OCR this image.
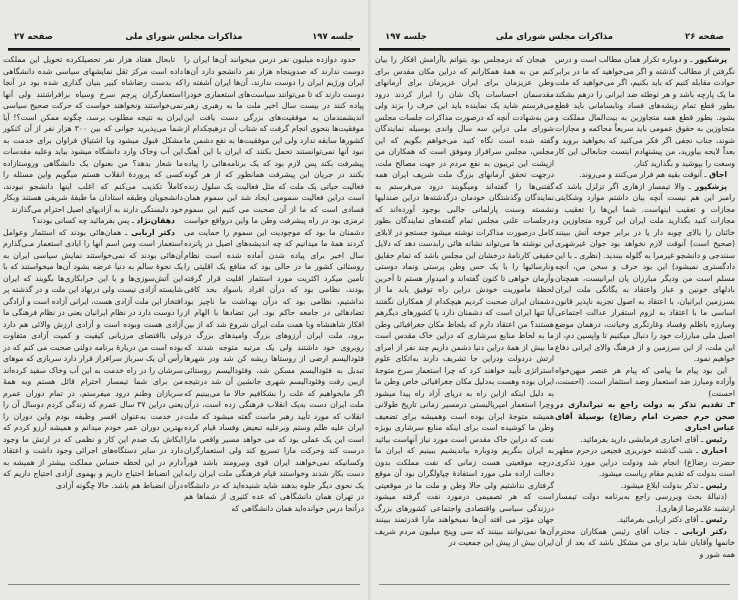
جلسه ۱۹۷
مذاکرات مجلس شورای ملی
صفحه ۲۷

حدود دوازده میلیون نفر درس میخوانند آن‌ها ایران را دوست ندارند که صدوپنجاه هزار نفر دانشجو دارد آن‌ها ایران ورژیم ایران را دوست ندارند، آن‌ها ایران آشفته را دوست دارند که تا می‌توانند سیاست‌های استعماری خودرا پیاده کنند در بیست سال اخیر ملت ما به رهبری رهبر اندیشمندمان به موفقیت‌های بزرگی دست یافت این موفقیت‌ها بنحوی انجام گرفت که شتاب آن درهیچکدام از کشورها سابقه ندارد ولی این موفقیت‌ها به نفع دشمن ما نبود آنها نمی‌توانستند تحمل بکنند که ایران با این آهنگ پیشرفت بکند پس لازم بود که یک برنامه‌هائی را پیاده بکنند در جریان این پیشرفت همانطور که از هر گونه فعالیت حیاتی یک ملت که مثل فعالیت یک سلول زنده است دراین فعالیت سمومی ایجاد شد این سموم همان فسادی است که ما از آن صحبت می کنیم این سموم ترمزی بود در راه پیشرفت وطن ما واین درواقع خواست دشمنان ما بود که موجودیت این سموم را حمایت می کردند همهٔ ما میدانیم که چه اندیشه‌های اصیل در پانزده سال اخیر برای پیاده شدن آماده شده است نظام روستائی کشور ما در حالی بود که منافع یک اقلیتی را تأمین میکرد اکثریت مورد استثمار اقلیت قرار گرفته بودند، نظامی بود که درآن افراد باسواد بحد کافی نداشتیم، نظامی بود که درآن بهداشت ما ناچیز بود تضادهائی در جامعه حاکم بود. این تضادها با الهام از افکار شاهنشاه وبا همت ملت ایران شروع شد که از بین برود، ملت ایران آرزوهای بزرگ وامیدهای بزرگ در روبروی خود داشتند ولی یک مرتبه متوجه شدند که فئودالیسم ارضی از روستاها ریشه کن شد ودر شهرها تبدیل به فئودالیسم مسکن شد، وفئودالیسم روستائی ازبین رفت وفئودالیسم شهری جانشین آن شد درنتیجه اگر مابخواهیم که علت را بشکافیم حالا ما می‌بینیم که ملت ایران دست به‌یک انقلاب فرهنگی زده است، درآن انقلاب که مورد تأیید رهبر ماست گفته میشود که ملت ایران علیه ظلم وستم وبرعلیه تبعیض وفساد قیام کرده است این یک عملی بود که می خواهد مسیر واقعی مارا درست کند وحرکت مارا تسریع کند ولی استعمارگران وکسانیکه نمی‌خواهند ایران قوی ونیرومند باشد فوراً دست بکار شدند وخواستند قیام فرهنگی ملت ایران رابه یک نحوی دیگر جلوه بدهند شاید شنیده‌اید که در دانشگاه در تهران همان دانشگاهی که عده کثیری از شماها هم درآنجا درس خوانده‌اید همان دانشگاهی که

تابحال هفتاد هزار نفر تحصیلکرده تحویل این مملکت داده است مرکز ثقل نمایشهای سیاسی شده دانشگاهی که بدست رضاشاه کبیر بنیان گذاری شده بود در آنجا استعمارگران پرچم سرخ وسیاه برافراشتند ولی آنها نمی‌خواستند ونخواهند خواست که حرکت صحیح سیاسی ایران به نتیجه مطلوب برسد، چگونه ممکن است؟! آیا شما می‌پذیرید جوانی که بین ۳۰۰ هزار نفر از آن کنکور مشکل قبول میشود وبا اشتیاق فراوان برای خدمت به این آب وخاک وارد دانشگاه میشود بیاید وعلیه مقدسات ما شعار بدهد؟ من بعنوان یک دانشگاهی وروستازاده کسی که پروردهٔ انقلاب هستم میگویم واین مسئله را کاملاً تکذیب می‌کنم که اغلب اینها دانشجو نبودند، دانشجویان وطبقه استادان ما طبقهٔ شریفی هستند وبکار خود دلبستگی دارند به آزادیهای اصیل احترام می‌گذارند

دهقان‌نژاد ـ پس بفرمائید چه کسانی بودند؟

دکتر اربابی ـ همان‌هائی بودند که استثمار وعوامل استعمار است ومن اسم آنها را ایادی استعمار مـی‌گذارم آن‌هائی بودند که نمی‌خواستند نمایش سیاسی ایران به یک نحوهٔ سالم به دنیا عرضه بشود آن‌ها میخواستند که با این آتش‌سوزی‌ها و با این خرابکاری‌ها بگویند که ایران شایسته آزادی نیست ولی درنهاد این ملت و در گذشته پر افتخار این ملت آزادی هست، ایرانی آزاده است و آزادگی را دوست دارد در نظام ایرانیان یعنی در نظام فرهنگی ما آزادی هست وبوده است و آزادی ارزش والائی هم دارد ولی بااقتضای مرزبانی کیفیت و کمیت آزادی متفاوت بوده است من دربارهٔ برنامه دولتی صحبت می کنم که در رأس آن یک سرباز سرافراز قرار دارد سربازی که موهای سرشان را در راه خدمت به این آب وخاک سفید کرده‌اند من برای شما تیمسار احترام قائل هستم وبه همهٔ سربازان وطنم درود میفرستم، در تمام دوران عمرم یعنی دراین ۳۷ سال عمرم که زندگی کردم دوسال آن را در خدمت به‌عنوان افسر وظیفه بودم واین دوران را بهترین دوران عمر خودم میدانم و همیشه آرزو کردم که ایکاش یک صدم این کار و نظمی که در ارتش ما وجود دارد در سایر دستگاه‌های اجرائی وجود داشت و اعتقاد دارم در این لحظه حساس مملکت بیشتر از همیشه به این انضباط احتیاج داریم و بهموی آزادی احتیاج داریم که درآن انضباط هم باشد. حالا چگونه آزادی

صفحه ۲۶
مذاکرات مجلس شورای ملی
جلسه ۱۹۷

پزشکپور ـ و دوباره تکرار همان مطالب است و درس نگرفتن از مطالب گذشته و اگر می‌خواهید که ما در برابر حوادث مقابله کنیم که باید بکنیم، اگر می‌خواهید که ملت ما یک پارچه باشد و هر توطئه ضد ایرانی را درهم بشکند بطور قطع تمام ریشه‌های فساد ونابسامانی باید قطع بشود. بطور قطع همه متجاوزین به بیت‌المال مملکت و متجاوزین به حقوق عمومی باید سریعاً محاکمه و مجازات شوند، جناب نجفی اگر فکر می‌کنید که بخواهید بروید و بعداً لایحه بیاورید، من پیشنهادم اینست جنابعالی این کار وسعت را بپوشید و بگذارید کنار.

اجاق ـ آنوقت بقیه هم فرار می‌کنند و می‌روند.

پزشکپور ـ والا تیمسار ازهاری اگر تزلزل باشد که رامبز این هم نیست آنچه بیان داشتم موارد وشکایتی مجازات و تعقیب اینهاست. شما این‌ها را تعقیب و مجازات کنید بگذارید ملت ایران این گروه متجاوزین و خائنان را بالای چوبه دار یا در برابر جوخه آتش ببینند (صحیح است) آنوقت لازم نخواهد بود جوان غیرشهری سنندجی و دانشجو غیرمرا به گلوله ببندید. (نظری ـ با این دادگستری نمیشود) این بود حرف و سخن من، آنچه مسلم است من ودیگر مبارزان پان ایرانیست، همچنان بادلهای خونین و عبار واعتقاد به یگانگی ملت ایران بسرزمین ایرانیان، با اعتقاد به اصول تجزیه ناپذیر قانون اساسی ما با اعتقاد به لزوم استقرار عدالت اجتماعی ومبارزه باظلم وفساد وغارتگری وخیانت، درهمان موضع اصیل ملی مبارزات خود را دنبال میکنیم تا واپسین دم، از این ملت، از این سرزمین و از فرهنگ والای ایرانی دفاع خواهیم نمود.

این بود پیام ما پیامی که پیام هر عنصر میهن‌خواه وآزاده ومبارز ضد استعمار وضد استثمار است. (احسنت، احسنت)

۳ـ تقدیم تذکر به دولت راجع به تیراندازی در صحن حرم حضرت امام رضا(ع) بوسیلهٔ آقای عباس اخباری

رئیس ـ آقای اخباری فرمایشی دارید بفرمائید.

اخباری ـ شب گذشته خونریزی فجیعی درحرم مطهر حضرت رضا(ع) انجام شد ودولت دراین مورد تذکری است بدولت که تقدیم مقام ریاست میشود.

رئیس ـ تذکر بدولت ابلاغ میشود.

(دنبالهٔ بحث وبررسی راجع به‌برنامه دولت تیمسار ارتشبد غلامرضا ازهاری).

رئیس ـ آقای دکتر اربابی بفرمائید.

دکتر اربابی ـ جناب آقای رئیس همکاران محترم خانمها وآقایان شاید برای من مشکل باشد که بعد از آن همه شور و

هیجان که درمجلس بود بتوانم باآرامش افکار را بیان کنم من به همهٔ همکارانم که دراین مکان مقدس برای وطن عزیزمان برای ایران عزیزمان برای آرمانهای مقدسمان احساسات پاک شان را ابراز کردند درود می‌فرستم شاید یک نماینده باید این حرف را بزند ولی من به‌شهادت آنچه که درصورت مذاکرات جلسات مجلس شورای ملی دراین سه سال واندی بوسیله نمایندگان گفته شده است نگاه کنید می‌خواهم بگویم که این مجلس، مجلس سرافراز وموفق است که همکاران من ازپشت این تریبون به نفع مردم در جهت مصالح ملت، درجهت تحقق آرمانهای بزرگ ملت شریف ایران همه گفتنی‌ها را گفته‌اند ومیگویند درود می‌فرستم به نمایندگان وگذشتگان خودمان درگذشته‌ها دراین صندلیها نشسته وسنت پارلمانی جالبی بوجود آورده‌اند که درجلسات علنی مجلس تمام گفته‌های نمایندگان بطور کامل درصورت مذاکرات نوشته میشود جستجو در لابلای این نوشته ها می‌تواند نشانه هائی رابدست دهد که دلایل حقیقی کارنامهٔ درخشان این مجلس باشد که تمام حقایق ونارسائیها را با یک حس وطن پرستی ونماد دوستی وآرمان خواهی تا کنون گفته‌اند و امیدوار هستم تا آخرین لحظهٔ مأموریت خودش دراین راه توفیق یابد ما از دشمنان ایران صحبت کردیم هیچکدام از همکاران نگفتند آیا تنها ایران است که دشمنان دارد یا کشورهای دیگرهم هستند؟ من اعتقاد دارم که بلحاظ مکان جغرافیائی وطن ما به لحاظ منابع سرشاری که دراین خاک مقدس است ما بیش از همهٔ دراین دنیا دشمن داریم چند نفر از امرای ارتش دردولت ودراین جا تشریف دارند به‌اتکای علوم استراتژی تأیید خواهند کرد که چرا استعمار سرخ متوجهٔ ایران بوده وهست به‌دلیل مکان جغرافیائی خاص وطن ما به دلیل اینکه ازاین راه به دریای آزاد راه پیدا میشود وچرا استعمار امپریالیستی درمسیر زمانی تاریخ طولانی همیشه متوجهٔ ایران بوده است وهمیشه برای تضعیف وطن ما کوشیده است برای اینکه منابع سرشاری بویژه نفت که دراین خاک مقدس است مورد نیاز آنهاست بیائید به ایران بنگریم ودوباره بیاندیشیم ببینیم که ایران ما درچه موقعیتی هست زمانی که نفت مملکت بدون دخالت اراده ملی مورد استفادهٔ چپاولگران بود آن موقع گرفتاری نداشتیم ولی حالا وطن و ملت ما در موقعیتی است که هر تصمیمی درمورد نفت گرفته میشود درزندگی سیاسی واقتصادی واجتماعی کشورهای بزرگ جهان مؤثر می افتد آن‌ها نمیخواهند مارا قدرتمند ببینند آن‌ها نمی‌توانند ببینند که سی وپنج میلیون مردم شریف ایران بیش از پیش این جمعیت در
